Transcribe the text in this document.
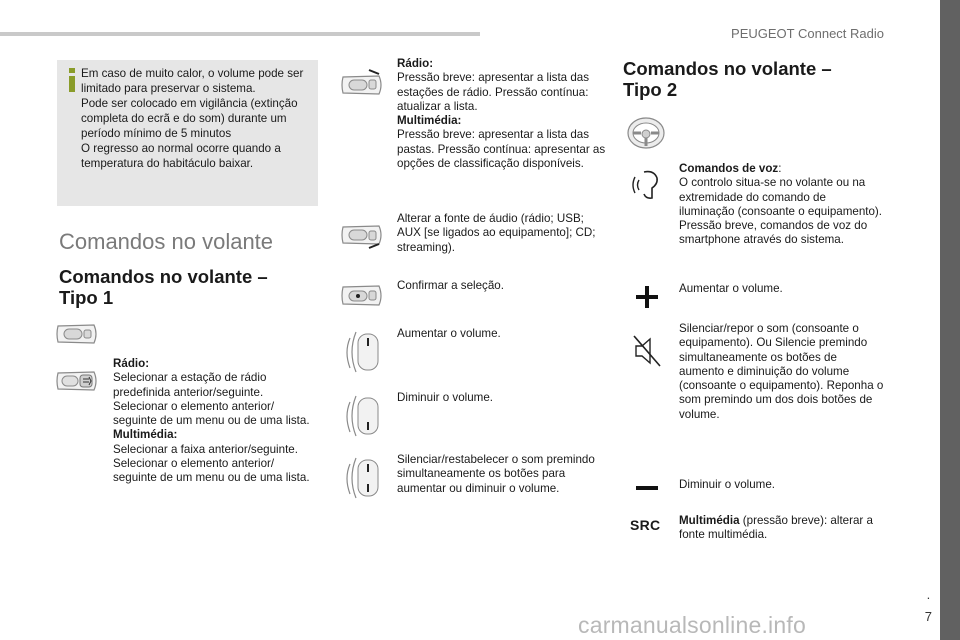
PEUGEOT Connect Radio
.
7
carmanualsonline.info
Em caso de muito calor, o volume pode ser limitado para preservar o sistema.
Pode ser colocado em vigilância (extinção completa do ecrã e do som) durante um período mínimo de 5 minutos
O regresso ao normal ocorre quando a temperatura do habitáculo baixar.
Comandos no volante
Comandos no volante –
Tipo 1
Rádio:
Selecionar a estação de rádio predefinida anterior/seguinte. Selecionar o elemento anterior/ seguinte de um menu ou de uma lista.
Multimédia:
Selecionar a faixa anterior/seguinte. Selecionar o elemento anterior/ seguinte de um menu ou de uma lista.
Rádio:
Pressão breve: apresentar a lista das estações de rádio. Pressão contínua: atualizar a lista.
Multimédia:
Pressão breve: apresentar a lista das pastas. Pressão contínua: apresentar as opções de classificação disponíveis.
Alterar a fonte de áudio (rádio; USB; AUX [se ligados ao equipamento]; CD; streaming).
Confirmar a seleção.
Aumentar o volume.
Diminuir o volume.
Silenciar/restabelecer o som premindo simultaneamente os botões para aumentar ou diminuir o volume.
Comandos no volante –
Tipo 2
Comandos de voz:
O controlo situa-se no volante ou na extremidade do comando de iluminação (consoante o equipamento). Pressão breve, comandos de voz do smartphone através do sistema.
Aumentar o volume.
Silenciar/repor o som (consoante o equipamento). Ou Silencie premindo simultaneamente os botões de aumento e diminuição do volume (consoante o equipamento). Reponha o som premindo um dos dois botões de volume.
Diminuir o volume.
SRC Multimédia (pressão breve): alterar a fonte multimédia.
